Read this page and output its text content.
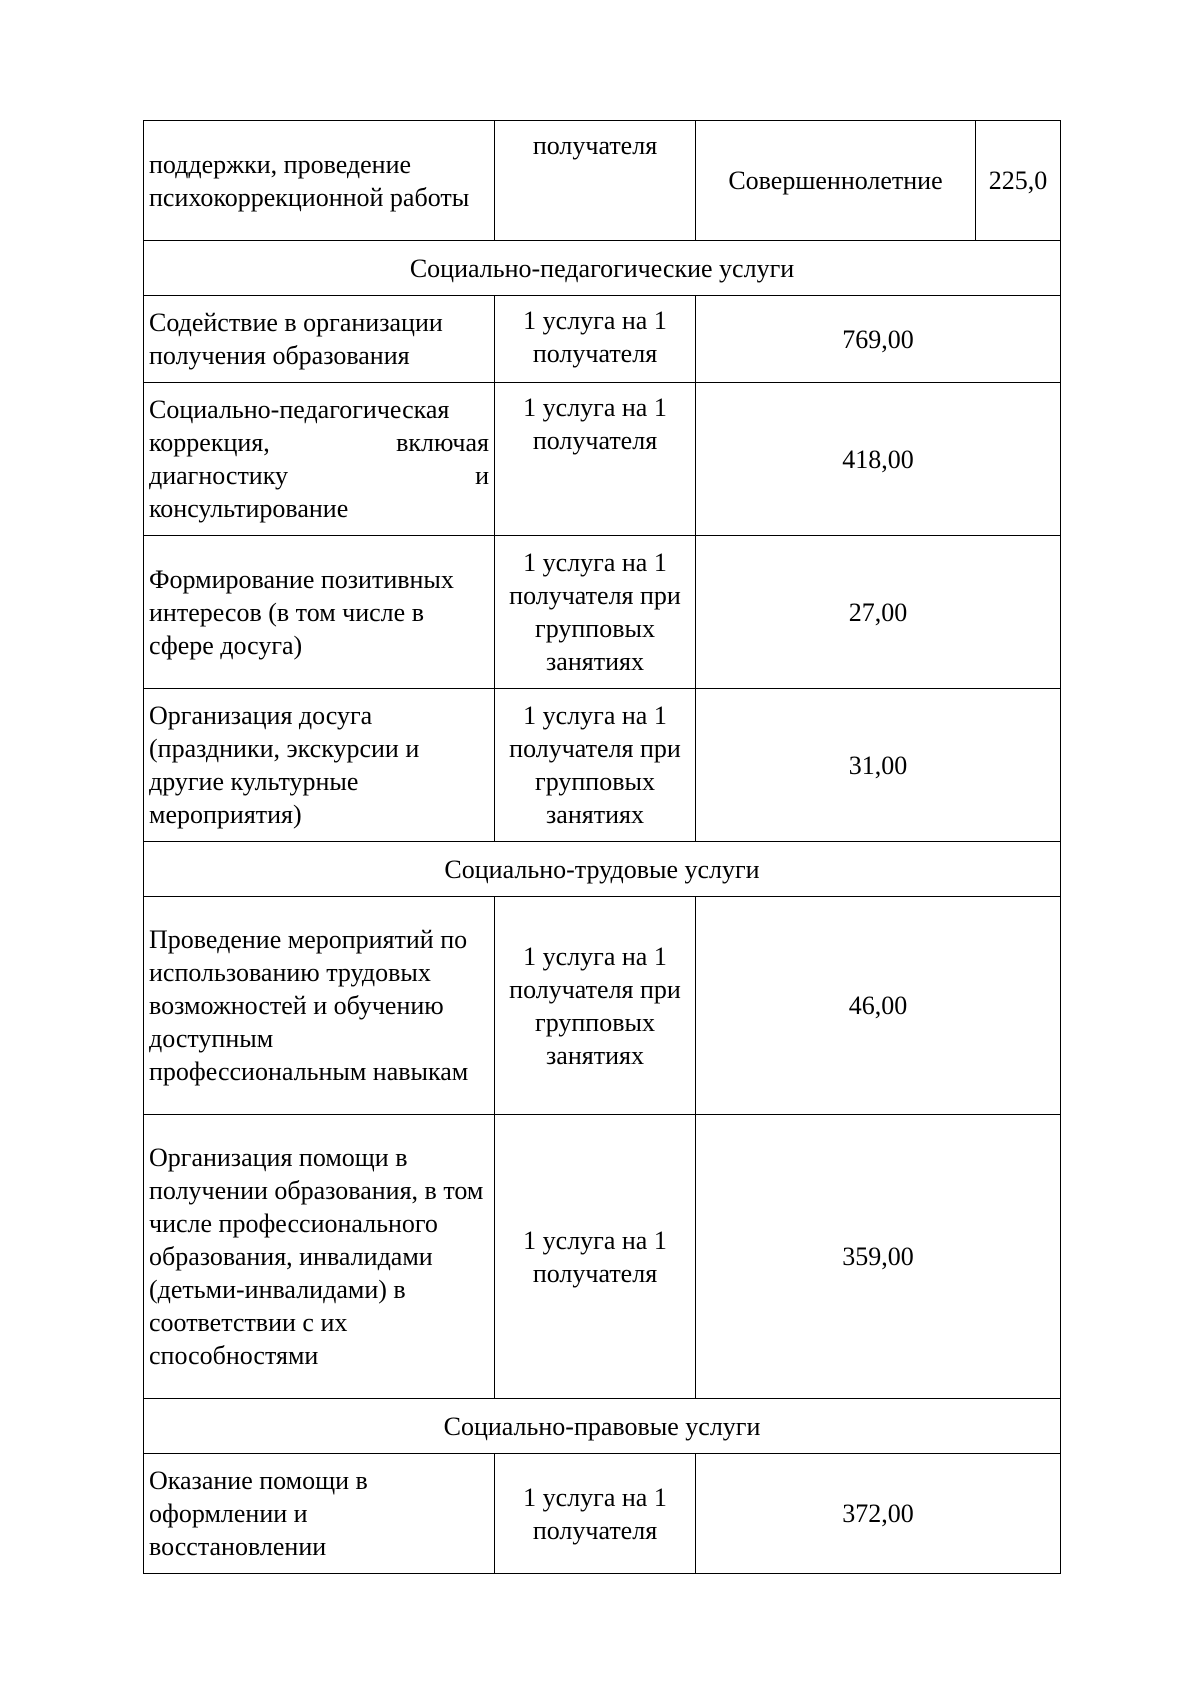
поддержки, проведение психокоррекционной работы	получателя	Совершеннолетние	225,0
Социально-педагогические услуги			
Содействие в организации получения образования	1 услуга на 1 получателя	769,00	
Социально-педагогическая коррекция, включая диагностику и консультирование	1 услуга на 1 получателя	418,00	
Формирование позитивных интересов (в том числе в сфере досуга)	1 услуга на 1 получателя при групповых занятиях	27,00	
Организация досуга (праздники, экскурсии и другие культурные мероприятия)	1 услуга на 1 получателя при групповых занятиях	31,00	
Социально-трудовые услуги			
Проведение мероприятий по использованию трудовых возможностей и обучению доступным профессиональным навыкам	1 услуга на 1 получателя при групповых занятиях	46,00	
Организация помощи в получении образования, в том числе профессионального образования, инвалидами (детьми-инвалидами) в соответствии с их способностями	1 услуга на 1 получателя	359,00	
Социально-правовые услуги			
Оказание помощи в оформлении и восстановлении	1 услуга на 1 получателя	372,00	
